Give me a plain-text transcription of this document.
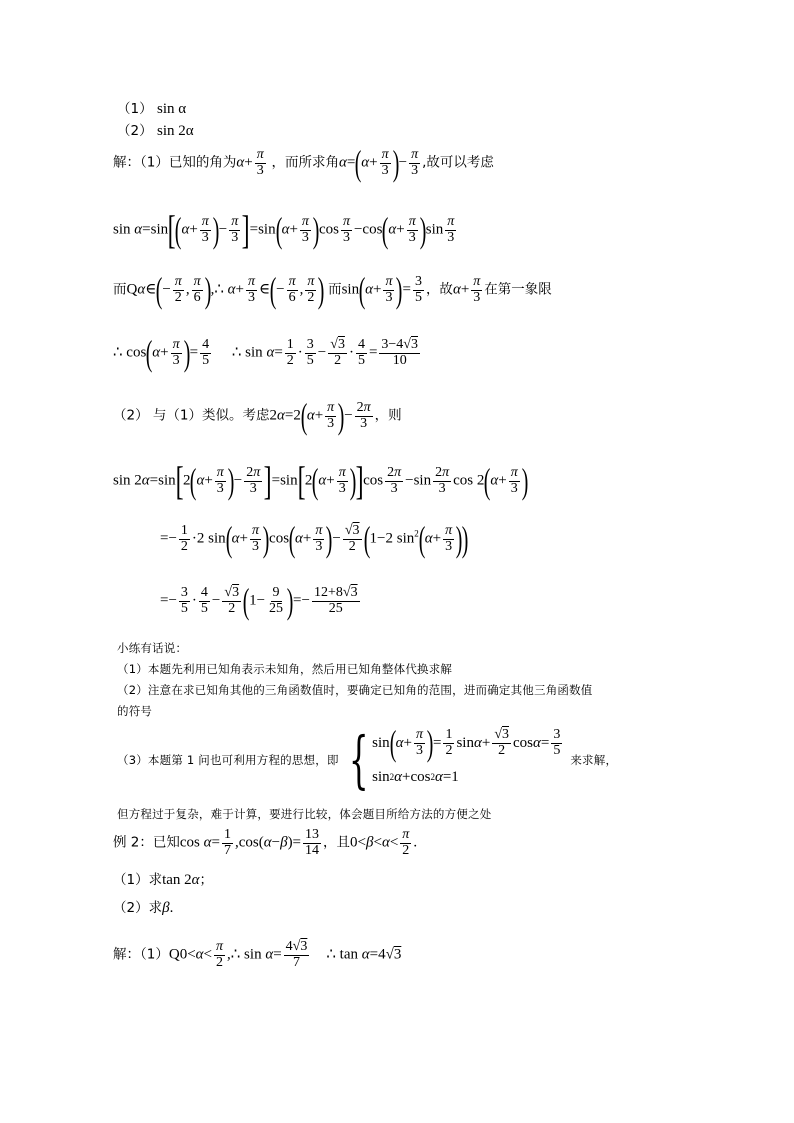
（1） sin α
（2） sin 2α
解：（1）已知的角为$\alpha+ \frac{\pi}{3}$ ，而所求角$\alpha=(\alpha+ \frac{\pi}{3}$ )− $\frac{\pi}{3}$ ,故可以考虑
$\sin \alpha=\sin[(\alpha+ \frac{\pi}{3}$ )− $\frac{\pi}{3} ]=\sin(\alpha+ \frac{\pi}{3} )\cos \frac{\pi}{3} -\cos(\alpha+ \frac{\pi}{3} )\sin \frac{\pi}{3}$
而Qα∈(− $\frac{\pi}{2}$ , $\frac{\pi}{6}$ ),∴ $\alpha+ \frac{\pi}{3}$ ∈(− $\frac{\pi}{6}$ , $\frac{\pi}{2}$ ) 而$\sin(\alpha+ \frac{\pi}{3}$ )= $\frac{3}{5}$ ，故$\alpha+ \frac{\pi}{3}$ 在第一象限
∴ $\cos(\alpha+ \frac{\pi}{3}$ )= $\frac{4}{5}$ ∴ $\sin \alpha= \frac{1}{2} \cdot \frac{3}{5} - \frac{√3}{2} \cdot \frac{4}{5} = \frac{3-4√3}{10}$
（2） 与（1）类似。考虑$2\alpha=2(\alpha+ \frac{\pi}{3}$ )− $\frac{2\pi}{3}$ ，则
$\sin 2\alpha=\sin[2(\alpha+ \frac{\pi}{3}$ )− $\frac{2\pi}{3} ]=\sin[2(\alpha+ \frac{\pi}{3} )]\cos \frac{2\pi}{3} -\sin \frac{2\pi}{3}$ $\cos 2(\alpha+ \frac{\pi}{3}$ )
=− $\frac{1}{2} \cdot 2$ $\sin(\alpha+ \frac{\pi}{3} )\cos(\alpha+ \frac{\pi}{3}$ )− $\frac{√3}{2} (1-2$ $\sin^2(\alpha+ \frac{\pi}{3}$ ))
=− $\frac{3}{5} \cdot \frac{4}{5} - \frac{√3}{2} (1- \frac{9}{25}$ )=− $\frac{12+8√3}{25}$
小练有话说：
（1）本题先利用已知角表示未知角，然后用已知角整体代换求解
（2）注意在求已知角其他的三角函数值时，要确定已知角的范围，进而确定其他三角函数值
的符号
（3）本题第 1 问也可利用方程的思想，即 { sin ( $\alpha + \frac{\pi}{3}$ ) = $\frac{1}{2}$ $\sin \alpha + \frac{√3}{2}$ $\cos \alpha = \frac{3}{5}$
sin 2 α +cos 2 α =1
来求解，
但方程过于复杂，难于计算，要进行比较，体会题目所给方法的方便之处
例 2：已知$\cos \alpha= \frac{1}{7} ,\cos(\alpha-\beta)= \frac{13}{14}$ ，且$0<\beta<\alpha< \frac{\pi}{2}$ .
（1）求tan 2α；
（2）求β.
解：$(1)Q0<\alpha< \frac{\pi}{2}$ ,∴ $\sin \alpha= \frac{4√3}{7}$ ∴ tan α=4√3
